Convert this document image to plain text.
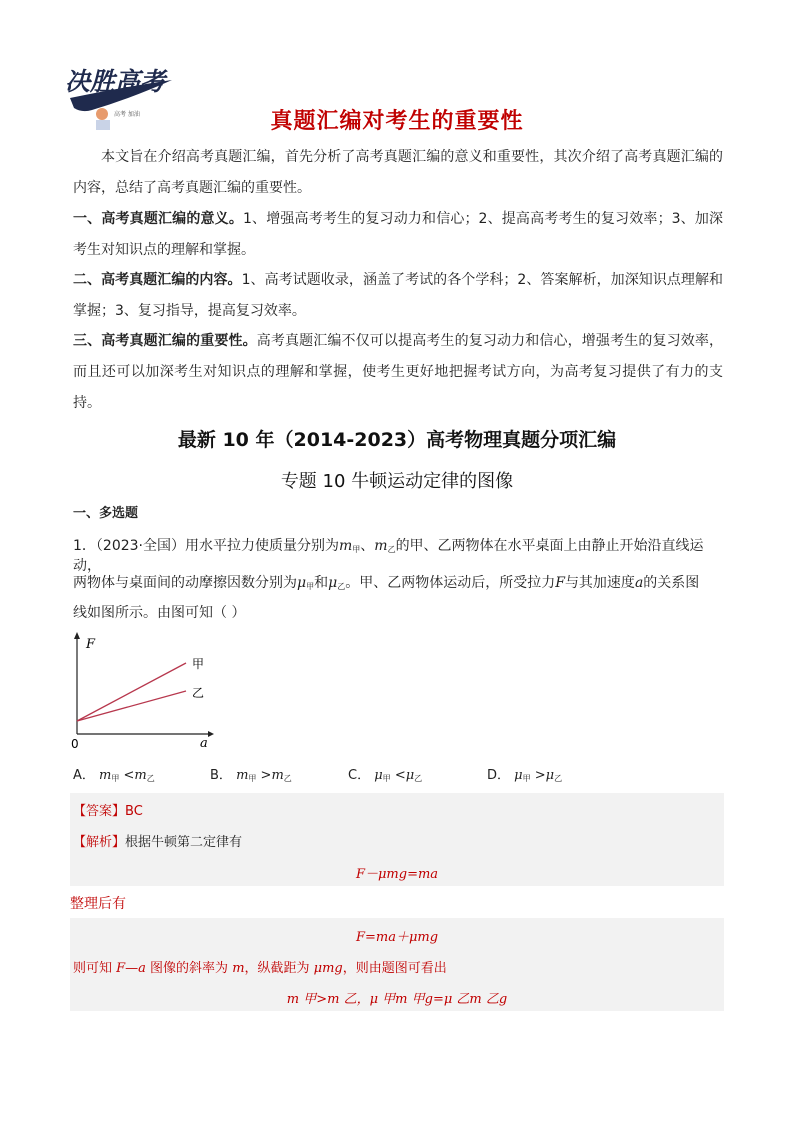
决胜高考
高考 加油	真题汇编对考生的重要性
本文旨在介绍高考真题汇编，首先分析了高考真题汇编的意义和重要性，其次介绍了高考真题汇编的内容，总结了高考真题汇编的重要性。
一、高考真题汇编的意义。1、增强高考考生的复习动力和信心；2、提高高考考生的复习效率；3、加深考生对知识点的理解和掌握。
二、高考真题汇编的内容。1、高考试题收录，涵盖了考试的各个学科；2、答案解析，加深知识点理解和掌握；3、复习指导，提高复习效率。
三、高考真题汇编的重要性。高考真题汇编不仅可以提高考生的复习动力和信心，增强考生的复习效率，而且还可以加深考生对知识点的理解和掌握，使考生更好地把握考试方向，为高考复习提供了有力的支持。
最新 10 年（2014-2023）高考物理真题分项汇编
专题 10 牛顿运动定律的图像
一、多选题
1．（2023·全国）用水平拉力使质量分别为$m_甲$、$m_乙$的甲、乙两物体在水平桌面上由静止开始沿直线运动，
两物体与桌面间的动摩擦因数分别为$\mu_甲$和$\mu_乙$。甲、乙两物体运动后，所受拉力F与其加速度a的关系图
线如图所示。由图可知（ ）
F
a
0
甲
乙
A． $m_甲 <m_乙$	B． $m_甲 >m_乙$	C． $\mu_甲 <\mu_乙$	D． $\mu_甲 >\mu_乙$
【答案】BC
【解析】根据牛顿第二定律有
F－μmg=ma
整理后有
F=ma＋μmg
则可知 F—a 图像的斜率为 m，纵截距为 μmg，则由题图可看出
m 甲>m 乙，μ 甲m 甲g=μ 乙m 乙g
